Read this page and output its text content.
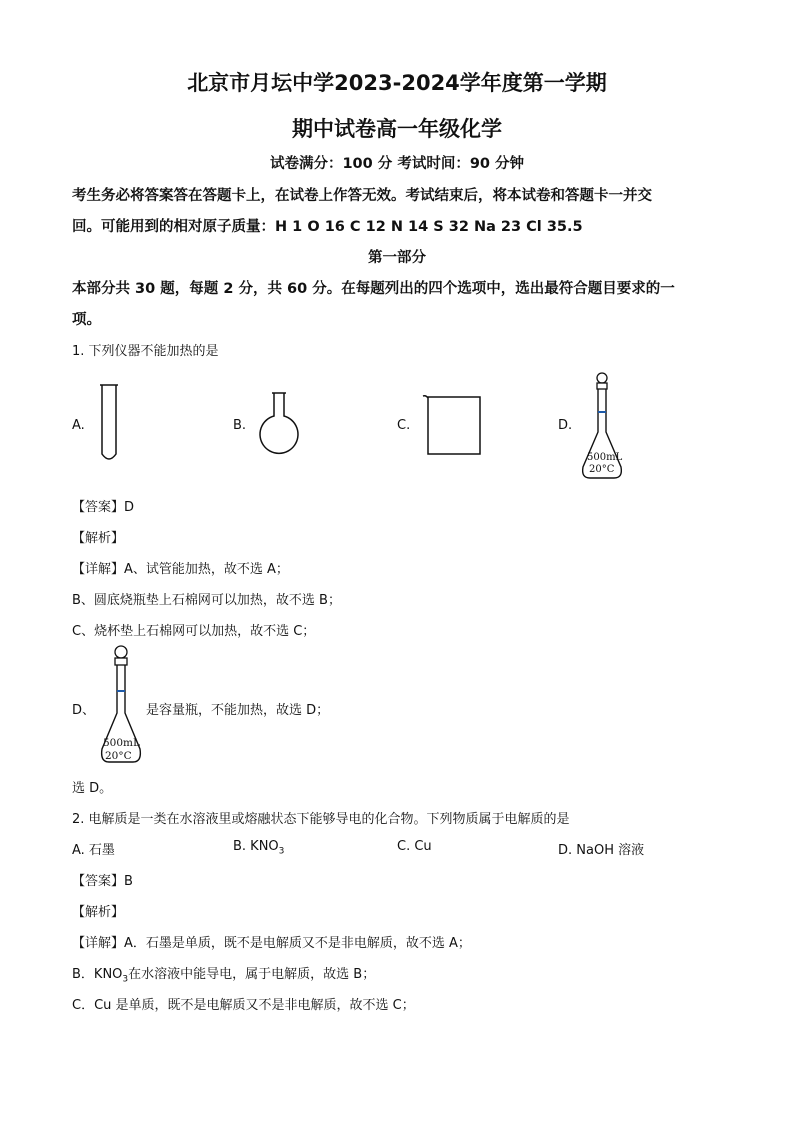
北京市月坛中学2023-2024学年度第一学期
期中试卷高一年级化学
试卷满分：100 分 考试时间：90 分钟
考生务必将答案答在答题卡上，在试卷上作答无效。考试结束后，将本试卷和答题卡一并交
回。可能用到的相对原子质量：H 1 O 16 C 12 N 14 S 32 Na 23 Cl 35.5
第一部分
本部分共 30 题，每题 2 分，共 60 分。在每题列出的四个选项中，选出最符合题目要求的一
项。
1. 下列仪器不能加热的是
A.	B.	C.	D.
500mL
20°C
【答案】D
【解析】
【详解】A、试管能加热，故不选 A；
B、圆底烧瓶垫上石棉网可以加热，故不选 B；
C、烧杯垫上石棉网可以加热，故不选 C；
D、
500mL
20°C
是容量瓶，不能加热，故选 D；
选 D。
2. 电解质是一类在水溶液里或熔融状态下能够导电的化合物。下列物质属于电解质的是
A. 石墨	B. $KNO_3$	C. Cu	D. NaOH 溶液
【答案】B
【解析】
【详解】A．石墨是单质，既不是电解质又不是非电解质，故不选 A；
B．$KNO_3$在水溶液中能导电，属于电解质，故选 B；
C．Cu 是单质，既不是电解质又不是非电解质，故不选 C；
